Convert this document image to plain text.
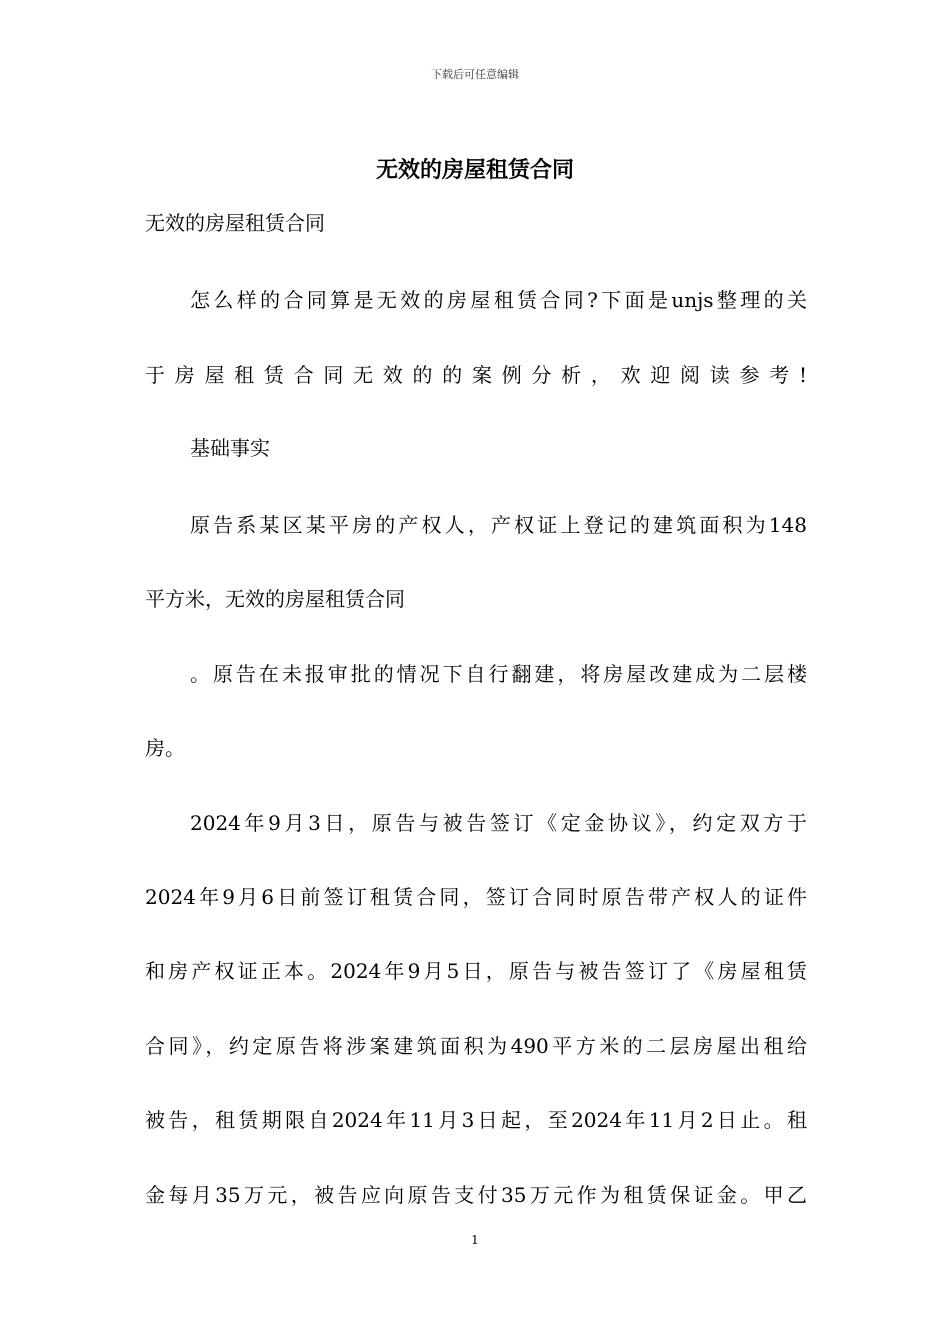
下载后可任意编辑
无效的房屋租赁合同

无效的房屋租赁合同

怎么样的合同算是无效的房屋租赁合同?下面是unjs整理的关

于房屋租赁合同无效的的案例分析，欢迎阅读参考!

基础事实

原告系某区某平房的产权人，产权证上登记的建筑面积为148

平方米，无效的房屋租赁合同

。原告在未报审批的情况下自行翻建，将房屋改建成为二层楼

房。

2024年9月3日，原告与被告签订《定金协议》，约定双方于

2024年9月6日前签订租赁合同，签订合同时原告带产权人的证件

和房产权证正本。2024年9月5日，原告与被告签订了《房屋租赁

合同》，约定原告将涉案建筑面积为490平方米的二层房屋出租给

被告，租赁期限自2024年11月3日起，至2024年11月2日止。租

金每月35万元，被告应向原告支付35万元作为租赁保证金。甲乙

1
